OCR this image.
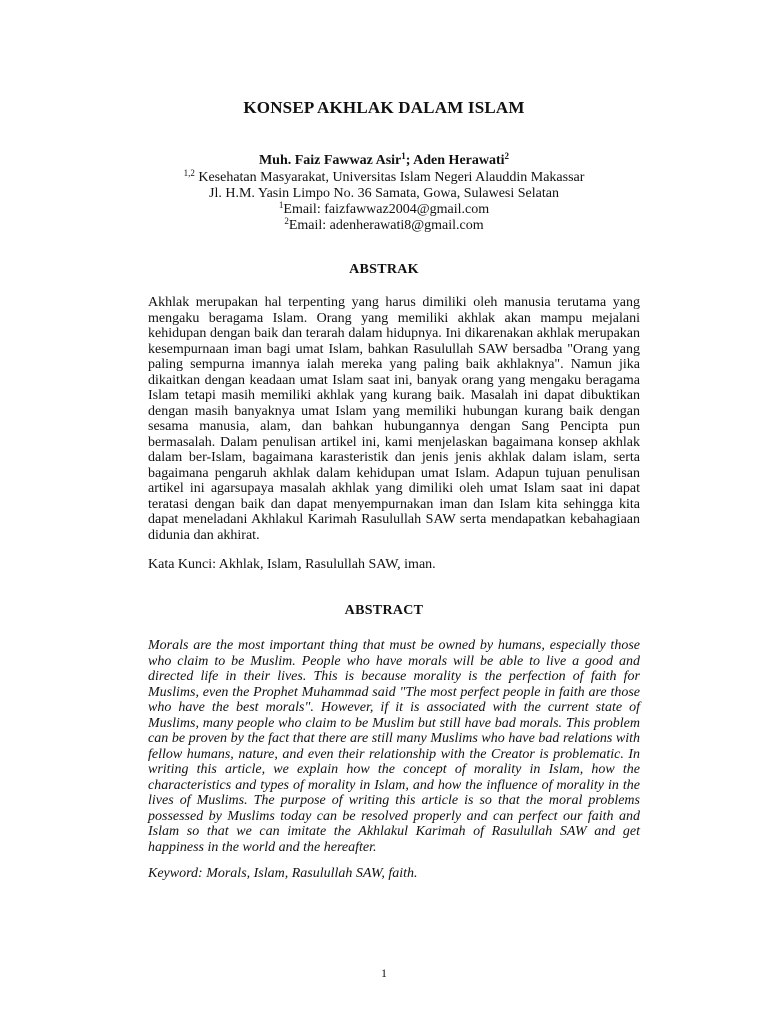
KONSEP AKHLAK DALAM ISLAM
Muh. Faiz Fawwaz Asir$^1$; Aden Herawati$^2$
$^{1,2}$ Kesehatan Masyarakat, Universitas Islam Negeri Alauddin Makassar
Jl. H.M. Yasin Limpo No. 36 Samata, Gowa, Sulawesi Selatan
$^1$Email: faizfawwaz2004@gmail.com
$^2$Email: adenherawati8@gmail.com
ABSTRAK
Akhlak merupakan hal terpenting yang harus dimiliki oleh manusia terutama yang mengaku beragama Islam. Orang yang memiliki akhlak akan mampu mejalani kehidupan dengan baik dan terarah dalam hidupnya. Ini dikarenakan akhlak merupakan kesempurnaan iman bagi umat Islam, bahkan Rasulullah SAW bersadba "Orang yang paling sempurna imannya ialah mereka yang paling baik akhlaknya". Namun jika dikaitkan dengan keadaan umat Islam saat ini, banyak orang yang mengaku beragama Islam tetapi masih memiliki akhlak yang kurang baik. Masalah ini dapat dibuktikan dengan masih banyaknya umat Islam yang memiliki hubungan kurang baik dengan sesama manusia, alam, dan bahkan hubungannya dengan Sang Pencipta pun bermasalah. Dalam penulisan artikel ini, kami menjelaskan bagaimana konsep akhlak dalam ber-Islam, bagaimana karasteristik dan jenis jenis akhlak dalam islam, serta bagaimana pengaruh akhlak dalam kehidupan umat Islam. Adapun tujuan penulisan artikel ini agarsupaya masalah akhlak yang dimiliki oleh umat Islam saat ini dapat teratasi dengan baik dan dapat menyempurnakan iman dan Islam kita sehingga kita dapat meneladani Akhlakul Karimah Rasulullah SAW serta mendapatkan kebahagiaan didunia dan akhirat.
Kata Kunci: Akhlak, Islam, Rasulullah SAW, iman.
ABSTRACT
Morals are the most important thing that must be owned by humans, especially those who claim to be Muslim. People who have morals will be able to live a good and directed life in their lives. This is because morality is the perfection of faith for Muslims, even the Prophet Muhammad said "The most perfect people in faith are those who have the best morals". However, if it is associated with the current state of Muslims, many people who claim to be Muslim but still have bad morals. This problem can be proven by the fact that there are still many Muslims who have bad relations with fellow humans, nature, and even their relationship with the Creator is problematic. In writing this article, we explain how the concept of morality in Islam, how the characteristics and types of morality in Islam, and how the influence of morality in the lives of Muslims. The purpose of writing this article is so that the moral problems possessed by Muslims today can be resolved properly and can perfect our faith and Islam so that we can imitate the Akhlakul Karimah of Rasulullah SAW and get happiness in the world and the hereafter.
Keyword: Morals, Islam, Rasulullah SAW, faith.
1
